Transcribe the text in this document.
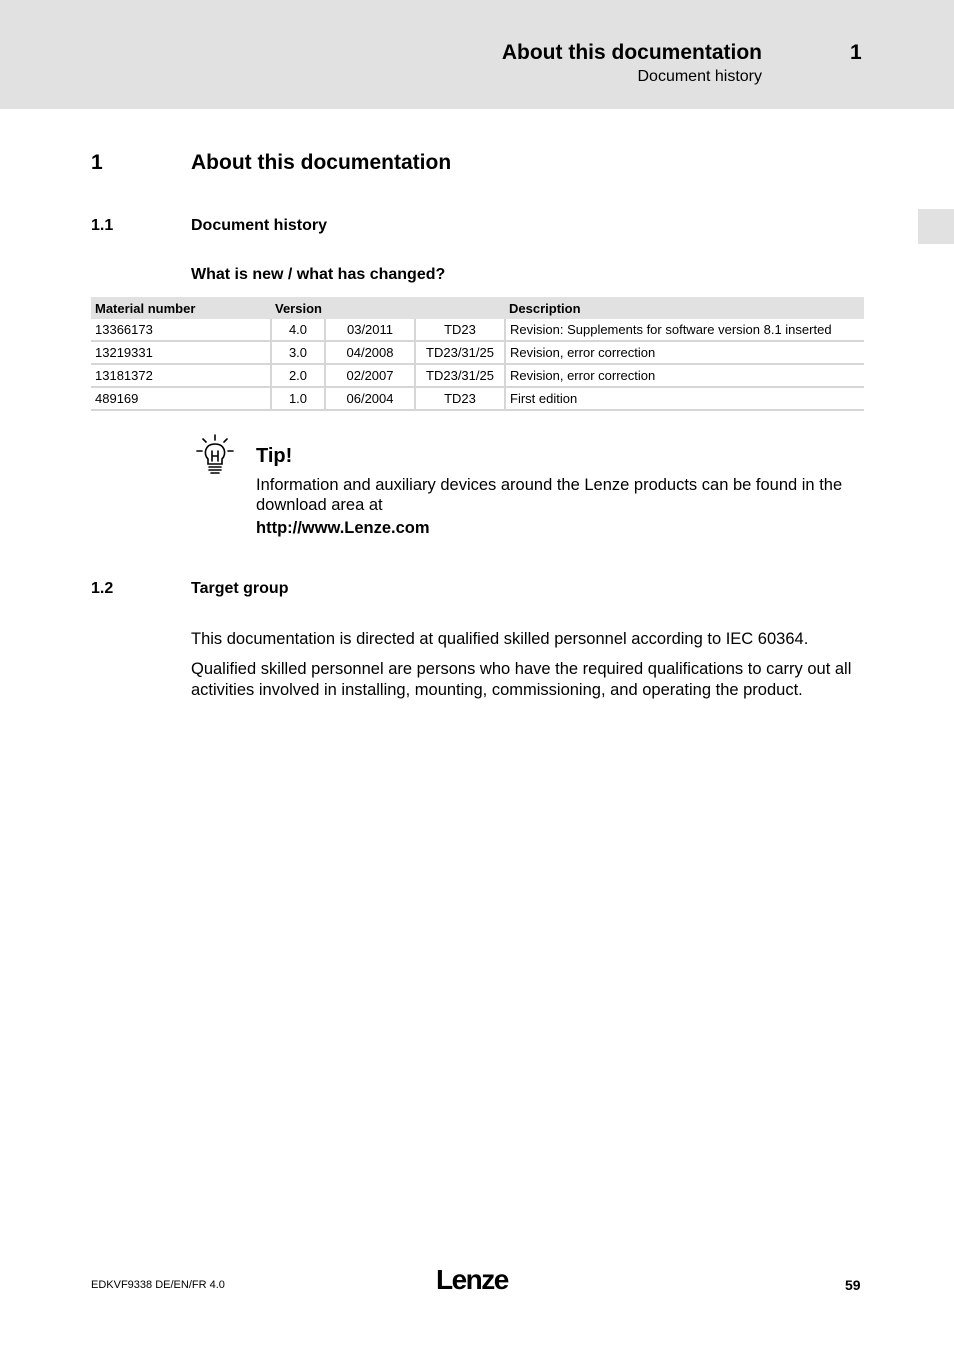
About this documentation	1
Document history
1	About this documentation
1.1	Document history
What is new / what has changed?
Material number	Version			Description
13366173	4.0	03/2011	TD23	Revision: Supplements for software version 8.1 inserted
13219331	3.0	04/2008	TD23/31/25	Revision, error correction
13181372	2.0	02/2007	TD23/31/25	Revision, error correction
489169	1.0	06/2004	TD23	First edition
Tip!
Information and auxiliary devices around the Lenze products can be found in the download area at
http://www.Lenze.com
1.2	Target group
This documentation is directed at qualified skilled personnel according to IEC 60364.
Qualified skilled personnel are persons who have the required qualifications to carry out all activities involved in installing, mounting, commissioning, and operating the product.
EDKVF9338 DE/EN/FR 4.0	Lenze	59
